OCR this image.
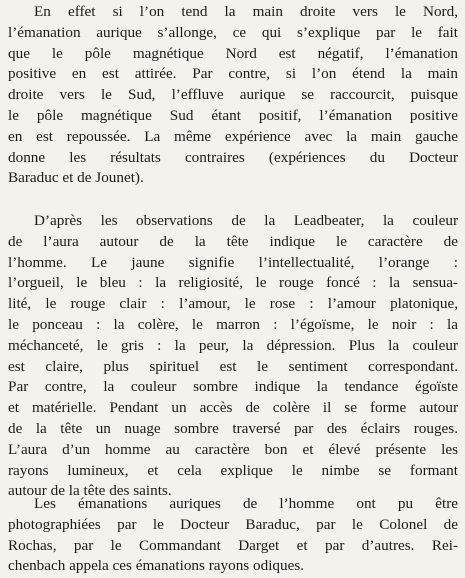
En effet si l’on tend la main droite vers le Nord,
l’émanation aurique s’allonge, ce qui s’explique par le fait
que le pôle magnétique Nord est négatif, l’émanation
positive en est attirée. Par contre, si l’on étend la main
droite vers le Sud, l’effluve aurique se raccourcit, puisque
le pôle magnétique Sud étant positif, l’émanation positive
en est repoussée. La même expérience avec la main gauche
donne les résultats contraires (expériences du Docteur
Baraduc et de Jounet).
D’après les observations de la Leadbeater, la couleur
de l’aura autour de la tête indique le caractère de
l’homme. Le jaune signifie l’intellectualité, l’orange :
l’orgueil, le bleu : la religiosité, le rouge foncé : la sensua-
lité, le rouge clair : l’amour, le rose : l’amour platonique,
le ponceau : la colère, le marron : l’égoïsme, le noir : la
méchanceté, le gris : la peur, la dépression. Plus la couleur
est claire, plus spirituel est le sentiment correspondant.
Par contre, la couleur sombre indique la tendance égoïste
et matérielle. Pendant un accès de colère il se forme autour
de la tête un nuage sombre traversé par des éclairs rouges.
L’aura d’un homme au caractère bon et élevé présente les
rayons lumineux, et cela explique le nimbe se formant
autour de la tête des saints.
Les émanations auriques de l’homme ont pu être
photographiées par le Docteur Baraduc, par le Colonel de
Rochas, par le Commandant Darget et par d’autres. Rei-
chenbach appela ces émanations rayons odiques.
